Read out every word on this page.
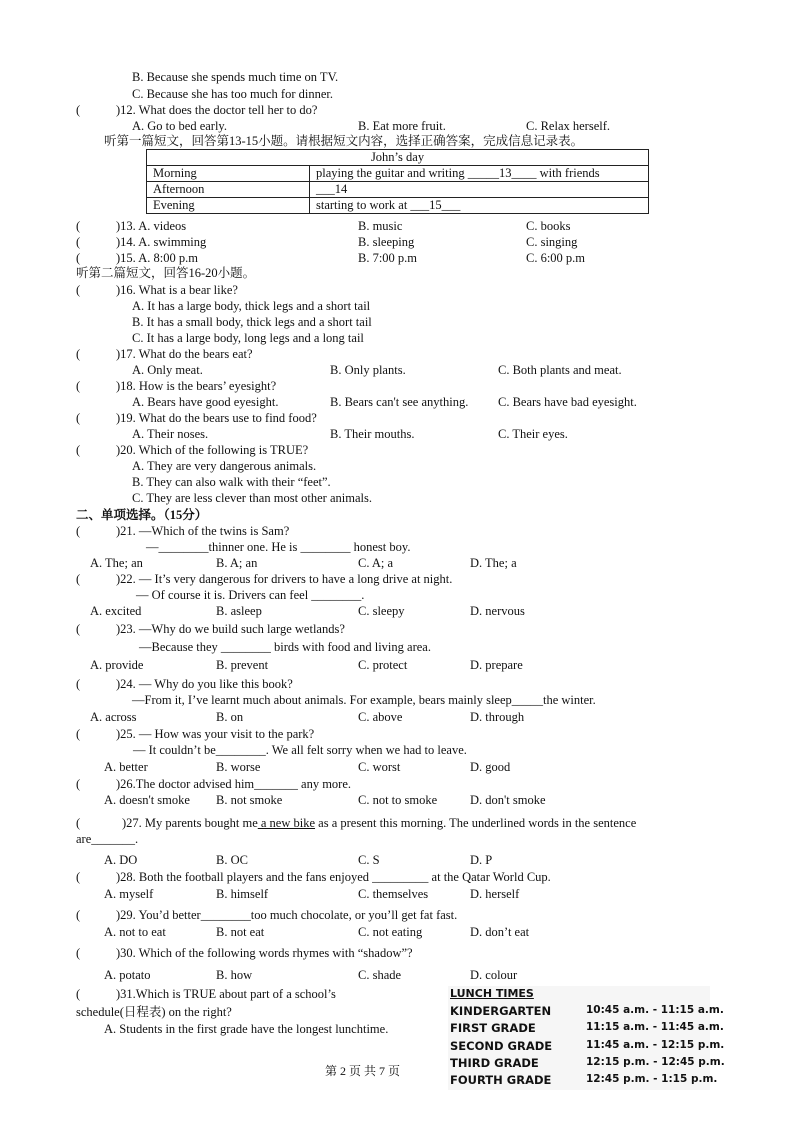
B. Because she spends much time on TV.
C. Because she has too much for dinner.
(	)12. What does the doctor tell her to do?
A. Go to bed early.	B. Eat more fruit.	C. Relax herself.
听第一篇短文，回答第13-15小题。请根据短文内容，选择正确答案，完成信息记录表。
John’s day	
Morning	playing the guitar and writing _____13____ with friends
Afternoon	___14
Evening	starting to work at ___15___
(	)13. A. videos	B. music	C. books
(	)14. A. swimming	B. sleeping	C. singing
(	)15. A. 8:00 p.m	B. 7:00 p.m	C. 6:00 p.m
听第二篇短文，回答16-20小题。
(	)16. What is a bear like?
A. It has a large body, thick legs and a short tail
B. It has a small body, thick legs and a short tail
C. It has a large body, long legs and a long tail
(	)17. What do the bears eat?
A. Only meat.	B. Only plants.	C. Both plants and meat.
(	)18. How is the bears’ eyesight?
A. Bears have good eyesight.	B. Bears can't see anything. C. Bears have bad eyesight.
(	)19. What do the bears use to find food?
A. Their noses.	B. Their mouths.	C. Their eyes.
(	)20. Which of the following is TRUE?
A. They are very dangerous animals.
B. They can also walk with their “feet”.
C. They are less clever than most other animals.
二、单项选择。（15分）
(	)21. —Which of the twins is Sam?
—________thinner one. He is ________ honest boy.
A. The; an	B. A; an	C. A; a	D. The; a
(	)22. — It’s very dangerous for drivers to have a long drive at night.
— Of course it is. Drivers can feel ________.
A. excited	B. asleep	C. sleepy	D. nervous
(	)23. —Why do we build such large wetlands?
—Because they ________ birds with food and living area.
A. provide	B. prevent	C. protect	D. prepare
(	)24. — Why do you like this book?
—From it, I’ve learnt much about animals. For example, bears mainly sleep_____the winter.
A. across	B. on	C. above	D. through
(	)25. — How was your visit to the park?
— It couldn’t be________. We all felt sorry when we had to leave.
A. better	B. worse	C. worst	D. good
(	)26.The doctor advised him_______ any more.
A. doesn't smoke B. not smoke	C. not to smoke	D. don't smoke
(	)27. My parents bought me a new bike as a present this morning. The underlined words in the sentence
are_______.
A. DO	B. OC	C. S	D. P
(	)28. Both the football players and the fans enjoyed _________ at the Qatar World Cup.
A. myself	B. himself	C. themselves	D. herself
(	)29. You’d better________too much chocolate, or you’ll get fat fast.
A. not to eat	B. not eat	C. not eating	D. don’t eat
(	)30. Which of the following words rhymes with “shadow”?
A. potato	B. how	C. shade	D. colour
(	)31.Which is TRUE about part of a school’s
schedule(日程表) on the right?
A. Students in the first grade have the longest lunchtime.
LUNCH TIMES
KINDERGARTEN	10:45 a.m. - 11:15 a.m.
FIRST GRADE	11:15 a.m. - 11:45 a.m.
SECOND GRADE	11:45 a.m. - 12:15 p.m.
THIRD GRADE	12:15 p.m. - 12:45 p.m.
FOURTH GRADE	12:45 p.m. - 1:15 p.m.
第 2 页 共 7 页
